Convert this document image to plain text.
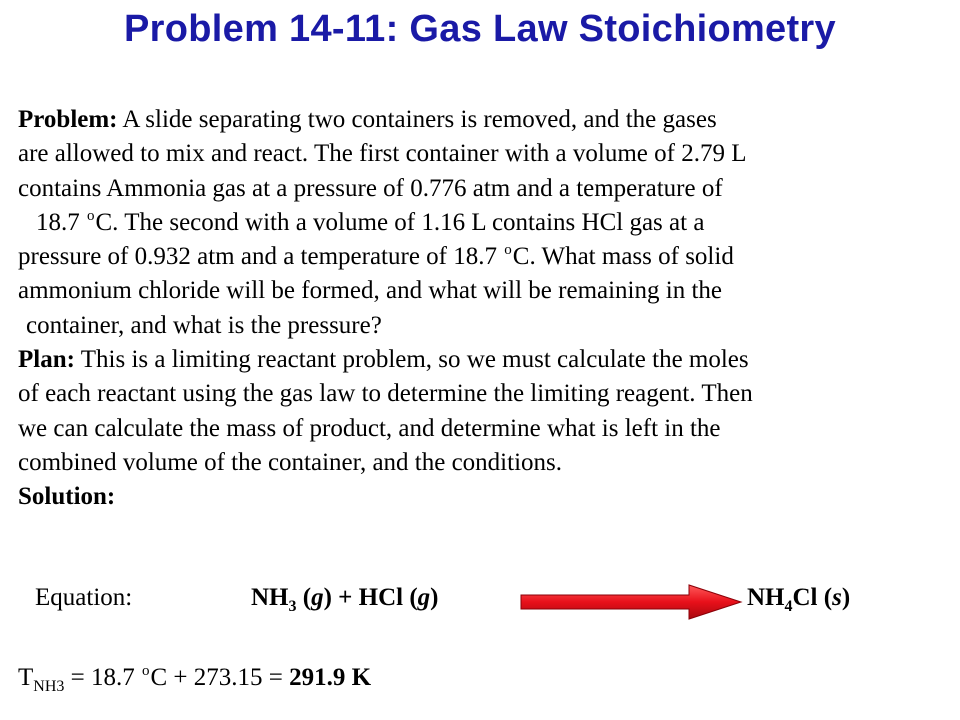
Problem 14-11: Gas Law Stoichiometry
Problem: A slide separating two containers is removed, and the gases
are allowed to mix and react. The first container with a volume of 2.79 L
contains Ammonia gas at a pressure of 0.776 atm and a temperature of
18.7 $^o$C. The second with a volume of 1.16 L contains HCl gas at a
pressure of 0.932 atm and a temperature of 18.7 $^o$C. What mass of solid
ammonium chloride will be formed, and what will be remaining in the
container, and what is the pressure?
Plan: This is a limiting reactant problem, so we must calculate the moles
of each reactant using the gas law to determine the limiting reagent. Then
we can calculate the mass of product, and determine what is left in the
combined volume of the container, and the conditions.
Solution:
Equation:	$NH_3$ (g) + HCl (g)	$NH_4Cl$ (s)
$T_{NH3} = 18.7$ $^o$C + 273.15 = 291.9 K
